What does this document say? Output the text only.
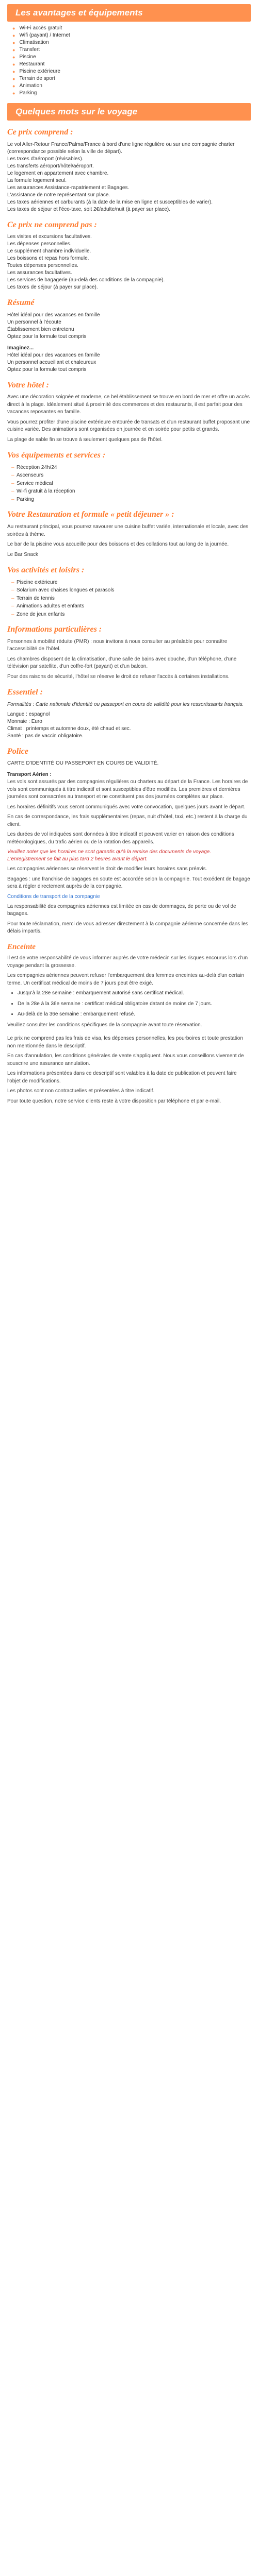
Les avantages et équipements
● Wi-Fi accès gratuit
● Wifi (payant) / Internet
● Climatisation
● Transfert
● Piscine
● Restaurant
● Piscine extérieure
● Terrain de sport
● Animation
● Parking
Quelques mots sur le voyage
Ce prix comprend :
Le vol Aller-Retour France/Palma/France à bord d'une ligne régulière ou sur une compagnie charter (correspondance possible selon la ville de départ).
Les taxes d'aéroport (révisables).
Les transferts aéroport/hôtel/aéroport.
Le logement en appartement avec chambre.
La formule logement seul.
Les assurances Assistance-rapatriement et Bagages.
L'assistance de notre représentant sur place.
Les taxes aériennes et carburants (à la date de la mise en ligne et susceptibles de varier).
Les taxes de séjour et l'éco-taxe, soit 2€/adulte/nuit (à payer sur place).
Ce prix ne comprend pas :
Les visites et excursions facultatives.
Les dépenses personnelles.
Le supplément chambre individuelle.
Les boissons et repas hors formule.
Toutes dépenses personnelles.
Les assurances facultatives.
Les services de bagagerie (au-delà des conditions de la compagnie).
Les taxes de séjour (à payer sur place).
Résumé
Hôtel idéal pour des vacances en famille
Un personnel à l'écoute
Établissement bien entretenu
Optez pour la formule tout compris
Imaginez...
Hôtel idéal pour des vacances en famille
Un personnel accueillant et chaleureux
Optez pour la formule tout compris
Votre hôtel :
Avec une décoration soignée et moderne, ce bel établissement se trouve en bord de mer et offre un accès direct à la plage. Idéalement situé à proximité des commerces et des restaurants, il est parfait pour des vacances reposantes en famille.
Vous pourrez profiter d'une piscine extérieure entourée de transats et d'un restaurant buffet proposant une cuisine variée. Des animations sont organisées en journée et en soirée pour petits et grands.
La plage de sable fin se trouve à seulement quelques pas de l'hôtel.
Vos équipements et services :
– Réception 24h/24
– Ascenseurs
– Service médical
– Wi-fi gratuit à la réception
– Parking
Votre Restauration et formule « petit déjeuner » :
Au restaurant principal, vous pourrez savourer une cuisine buffet variée, internationale et locale, avec des soirées à thème.
Le bar de la piscine vous accueille pour des boissons et des collations tout au long de la journée.
Le Bar Snack
Vos activités et loisirs :
– Piscine extérieure
– Solarium avec chaises longues et parasols
– Terrain de tennis
– Animations adultes et enfants
– Zone de jeux enfants
Informations particulières :
Personnes à mobilité réduite (PMR) : nous invitons à nous consulter au préalable pour connaître l'accessibilité de l'hôtel.
Les chambres disposent de la climatisation, d'une salle de bains avec douche, d'un téléphone, d'une télévision par satellite, d'un coffre-fort (payant) et d'un balcon.
Pour des raisons de sécurité, l'hôtel se réserve le droit de refuser l'accès à certaines installations.
Essentiel :
Formalités : Carte nationale d'identité ou passeport en cours de validité pour les ressortissants français.
Langue : espagnol
Monnaie : Euro
Climat : printemps et automne doux, été chaud et sec.
Santé : pas de vaccin obligatoire.
Police
CARTE D'IDENTITÉ OU PASSEPORT EN COURS DE VALIDITÉ.
Transport Aérien :
Les vols sont assurés par des compagnies régulières ou charters au départ de la France. Les horaires de vols sont communiqués à titre indicatif et sont susceptibles d'être modifiés. Les premières et dernières journées sont consacrées au transport et ne constituent pas des journées complètes sur place.
Les horaires définitifs vous seront communiqués avec votre convocation, quelques jours avant le départ.
En cas de correspondance, les frais supplémentaires (repas, nuit d'hôtel, taxi, etc.) restent à la charge du client.
Les durées de vol indiquées sont données à titre indicatif et peuvent varier en raison des conditions météorologiques, du trafic aérien ou de la rotation des appareils.
Veuillez noter que les horaires ne sont garantis qu'à la remise des documents de voyage. L'enregistrement se fait au plus tard 2 heures avant le départ.
Les compagnies aériennes se réservent le droit de modifier leurs horaires sans préavis.
Bagages : une franchise de bagages en soute est accordée selon la compagnie. Tout excédent de bagage sera à régler directement auprès de la compagnie.
Conditions de transport de la compagnie
La responsabilité des compagnies aériennes est limitée en cas de dommages, de perte ou de vol de bagages.
Pour toute réclamation, merci de vous adresser directement à la compagnie aérienne concernée dans les délais impartis.
Enceinte
Il est de votre responsabilité de vous informer auprès de votre médecin sur les risques encourus lors d'un voyage pendant la grossesse.
Les compagnies aériennes peuvent refuser l'embarquement des femmes enceintes au-delà d'un certain terme. Un certificat médical de moins de 7 jours peut être exigé.
• Jusqu'à la 28e semaine : embarquement autorisé sans certificat médical.
• De la 28e à la 36e semaine : certificat médical obligatoire datant de moins de 7 jours.
• Au-delà de la 36e semaine : embarquement refusé.
Veuillez consulter les conditions spécifiques de la compagnie avant toute réservation.
Le prix ne comprend pas les frais de visa, les dépenses personnelles, les pourboires et toute prestation non mentionnée dans le descriptif.
En cas d'annulation, les conditions générales de vente s'appliquent. Nous vous conseillons vivement de souscrire une assurance annulation.
Les informations présentées dans ce descriptif sont valables à la date de publication et peuvent faire l'objet de modifications.
Les photos sont non contractuelles et présentées à titre indicatif.
Pour toute question, notre service clients reste à votre disposition par téléphone et par e-mail.
